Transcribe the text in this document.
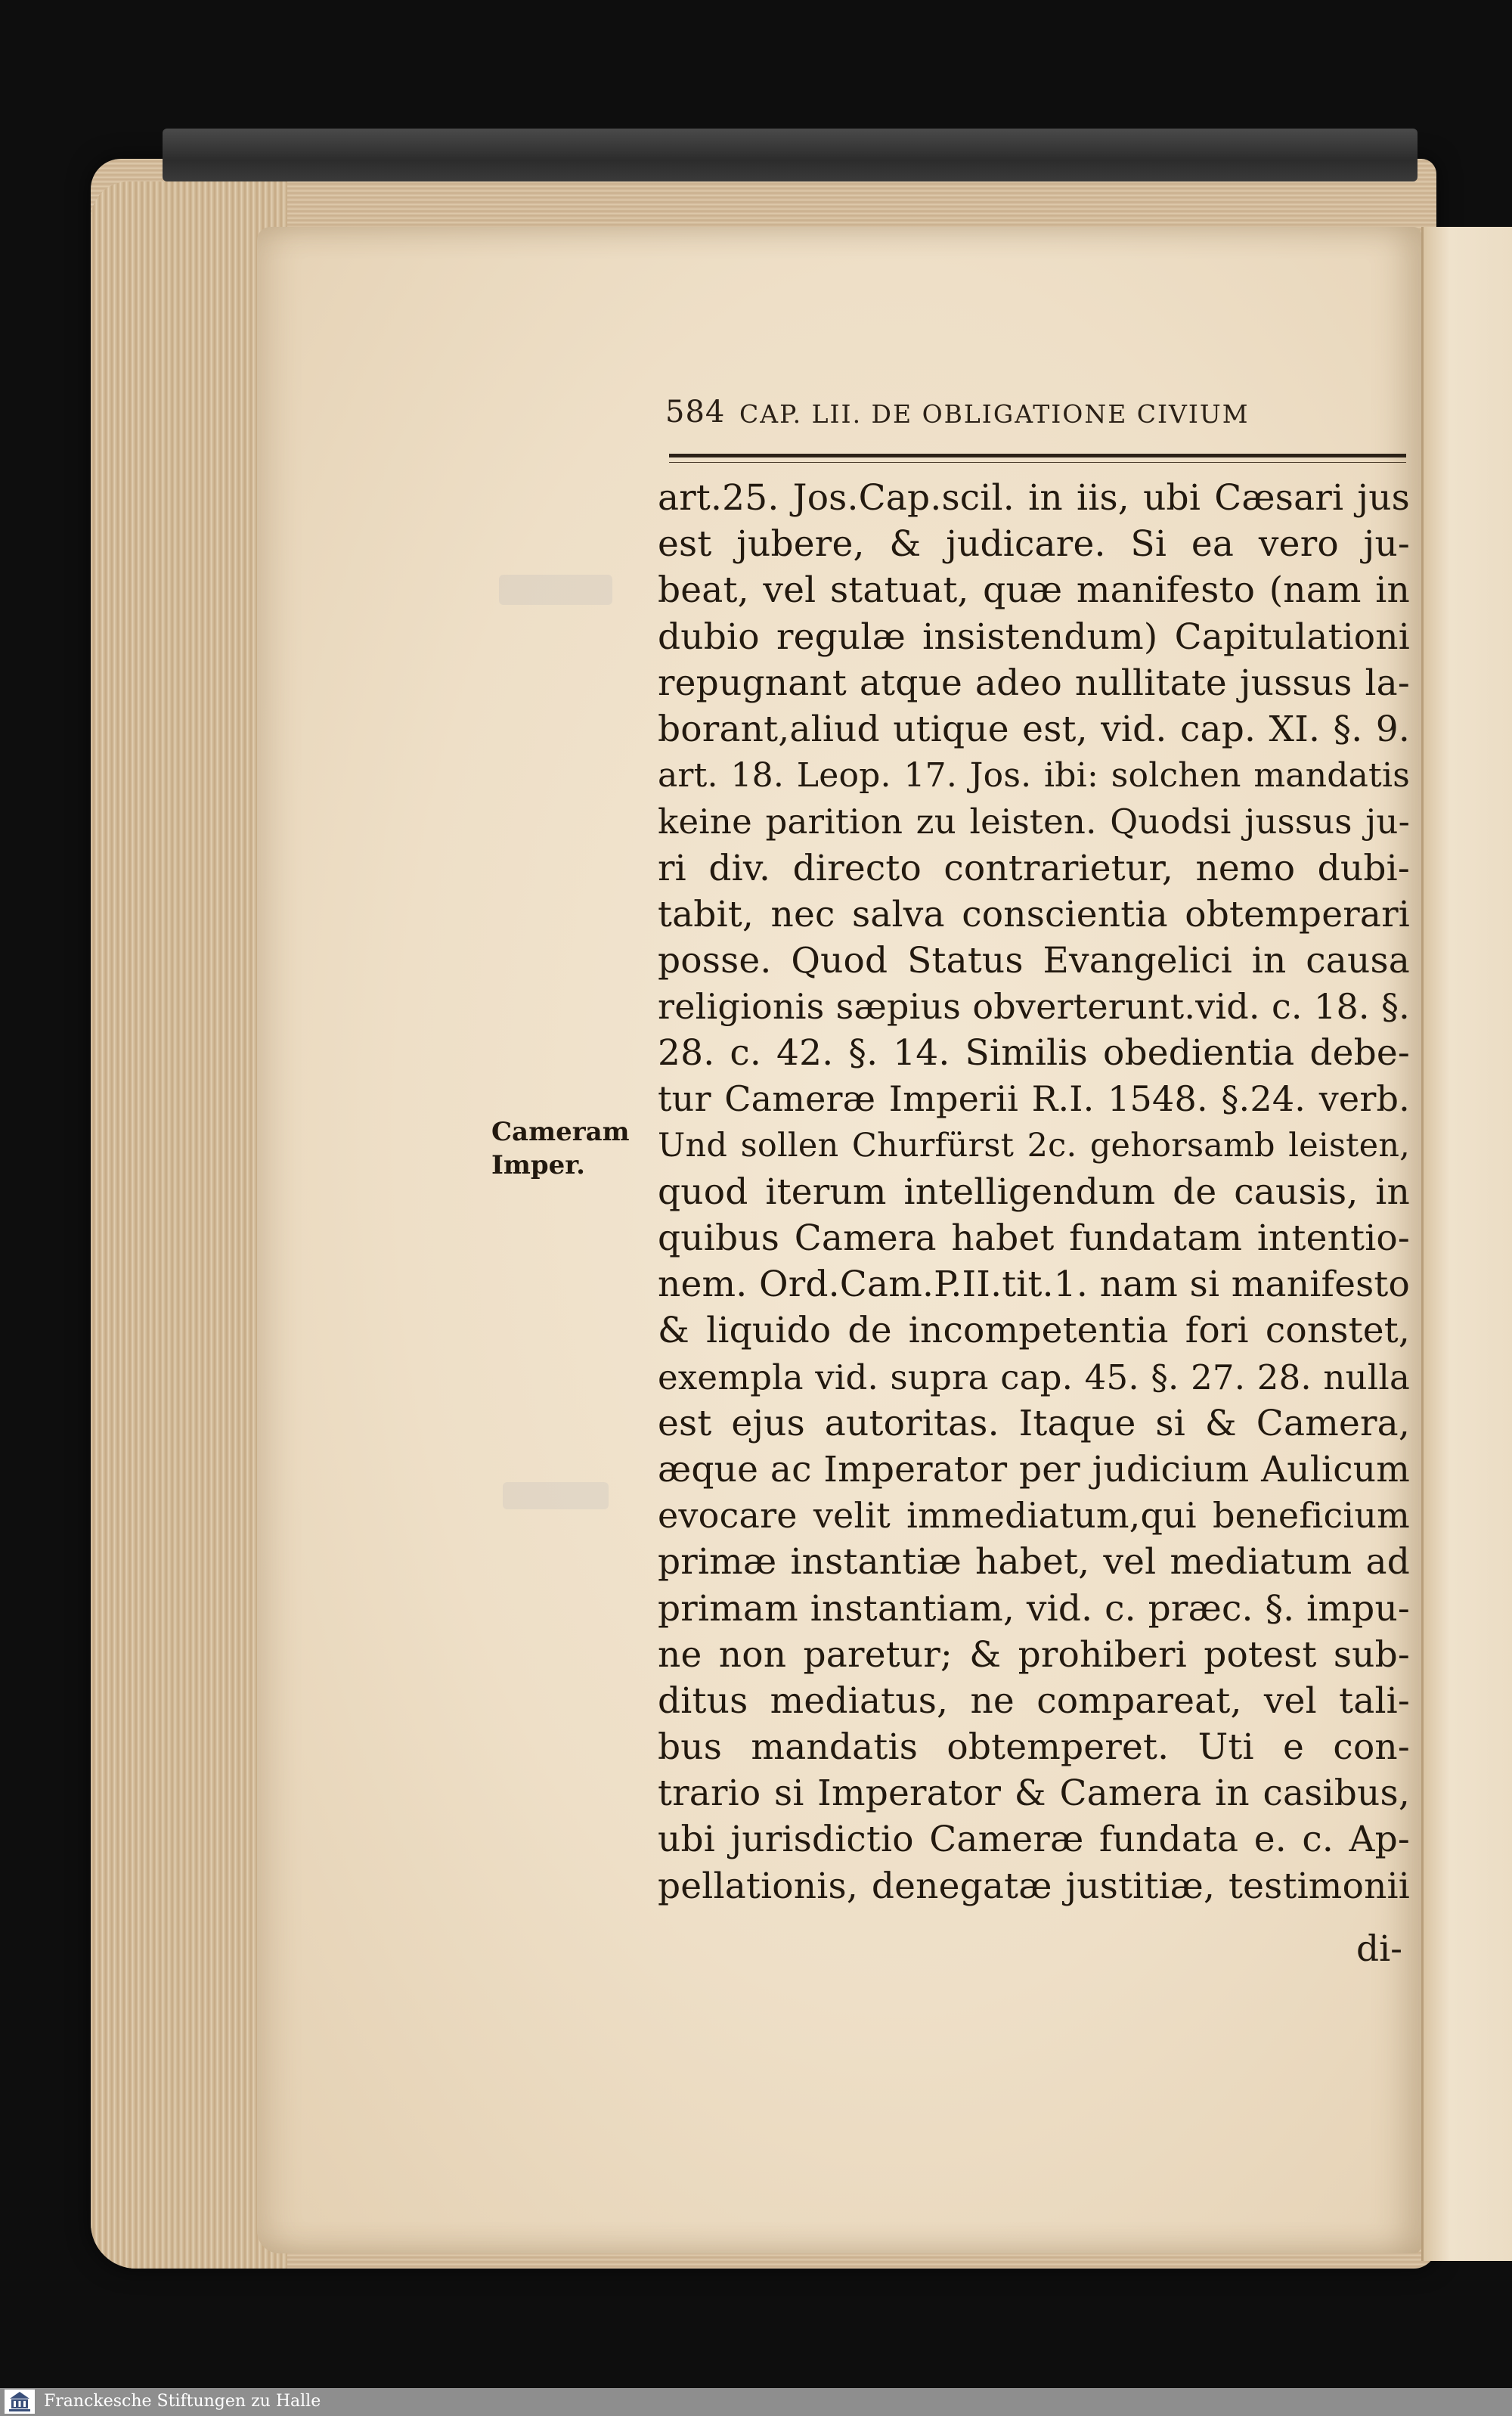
584 CAP. LII. DE OBLIGATIONE CIVIUM
Cameram
Imper.
art.25. Jos.Cap.scil. in iis, ubi Cæsari jus
est jubere, & judicare. Si ea vero ju-
beat, vel statuat, quæ manifesto (nam in
dubio regulæ insistendum) Capitulationi
repugnant atque adeo nullitate jussus la-
borant,aliud utique est, vid. cap. XI. §. 9.
art. 18. Leop. 17. Jos. ibi: solchen mandatis
keine parition zu leisten. Quodsi jussus ju-
ri div. directo contrarietur, nemo dubi-
tabit, nec salva conscientia obtemperari
posse. Quod Status Evangelici in causa
religionis sæpius obverterunt.vid. c. 18. §.
28. c. 42. §. 14. Similis obedientia debe-
tur Cameræ Imperii R.I. 1548. §.24. verb.
Und sollen Churfürst 2c. gehorsamb leisten,
quod iterum intelligendum de causis, in
quibus Camera habet fundatam intentio-
nem. Ord.Cam.P.II.tit.1. nam si manifesto
& liquido de incompetentia fori constet,
exempla vid. supra cap. 45. §. 27. 28. nulla
est ejus autoritas. Itaque si & Camera,
æque ac Imperator per judicium Aulicum
evocare velit immediatum,qui beneficium
primæ instantiæ habet, vel mediatum ad
primam instantiam, vid. c. præc. §. impu-
ne non paretur; & prohiberi potest sub-
ditus mediatus, ne compareat, vel tali-
bus mandatis obtemperet. Uti e con-
trario si Imperator & Camera in casibus,
ubi jurisdictio Cameræ fundata e. c. Ap-
pellationis, denegatæ justitiæ, testimonii
di-
Franckesche Stiftungen zu Halle
